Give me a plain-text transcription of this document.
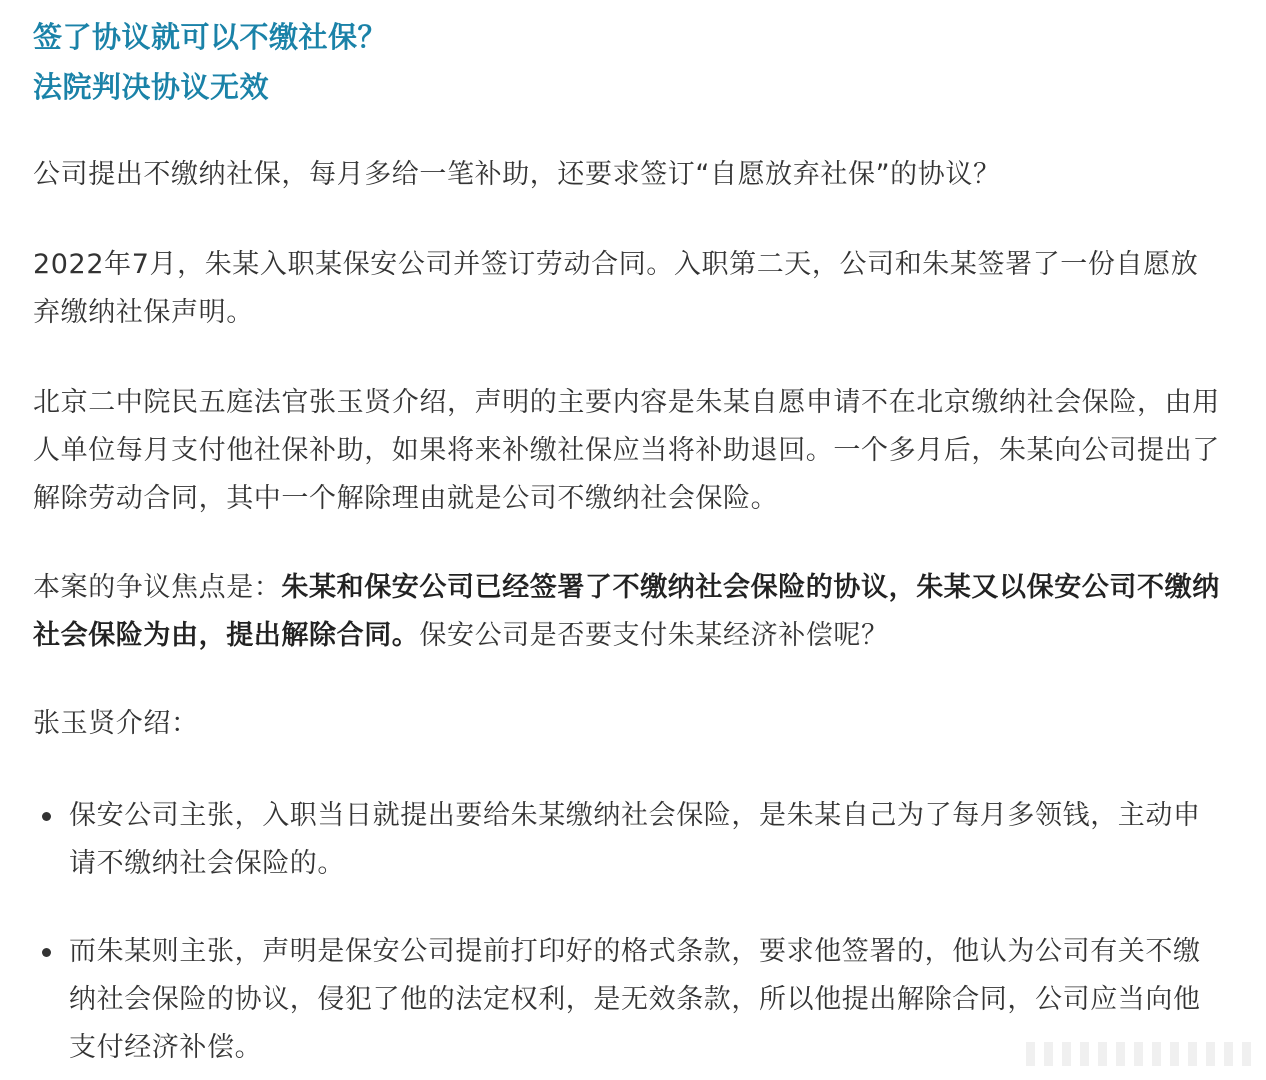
签了协议就可以不缴社保？
法院判决协议无效

公司提出不缴纳社保，每月多给一笔补助，还要求签订“自愿放弃社保”的协议？

2022年7月，朱某入职某保安公司并签订劳动合同。入职第二天，公司和朱某签署了一份自愿放弃缴纳社保声明。

北京二中院民五庭法官张玉贤介绍，声明的主要内容是朱某自愿申请不在北京缴纳社会保险，由用人单位每月支付他社保补助，如果将来补缴社保应当将补助退回。一个多月后，朱某向公司提出了解除劳动合同，其中一个解除理由就是公司不缴纳社会保险。

本案的争议焦点是：朱某和保安公司已经签署了不缴纳社会保险的协议，朱某又以保安公司不缴纳社会保险为由，提出解除合同。保安公司是否要支付朱某经济补偿呢？

张玉贤介绍：

保安公司主张，入职当日就提出要给朱某缴纳社会保险，是朱某自己为了每月多领钱，主动申请不缴纳社会保险的。
而朱某则主张，声明是保安公司提前打印好的格式条款，要求他签署的，他认为公司有关不缴纳社会保险的协议，侵犯了他的法定权利，是无效条款，所以他提出解除合同，公司应当向他支付经济补偿。
